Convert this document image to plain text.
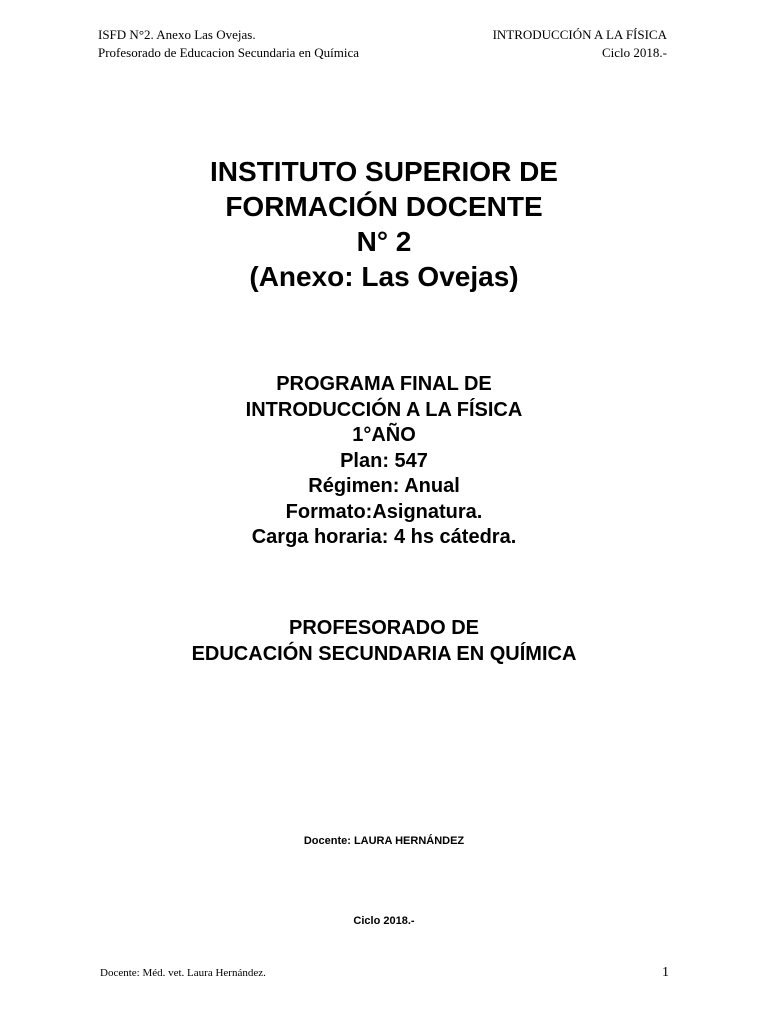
ISFD N°2. Anexo Las Ovejas.
Profesorado de Educacion Secundaria en Química
INTRODUCCIÓN A LA FÍSICA
Ciclo 2018.-
INSTITUTO SUPERIOR DE
FORMACIÓN DOCENTE
N° 2
(Anexo: Las Ovejas)
PROGRAMA FINAL DE
INTRODUCCIÓN A LA FÍSICA
1°AÑO
Plan: 547
Régimen: Anual
Formato:Asignatura.
Carga horaria: 4 hs cátedra.
PROFESORADO DE
EDUCACIÓN SECUNDARIA EN QUÍMICA
Docente: LAURA HERNÁNDEZ
Ciclo 2018.-
Docente: Méd. vet. Laura Hernández.	1
